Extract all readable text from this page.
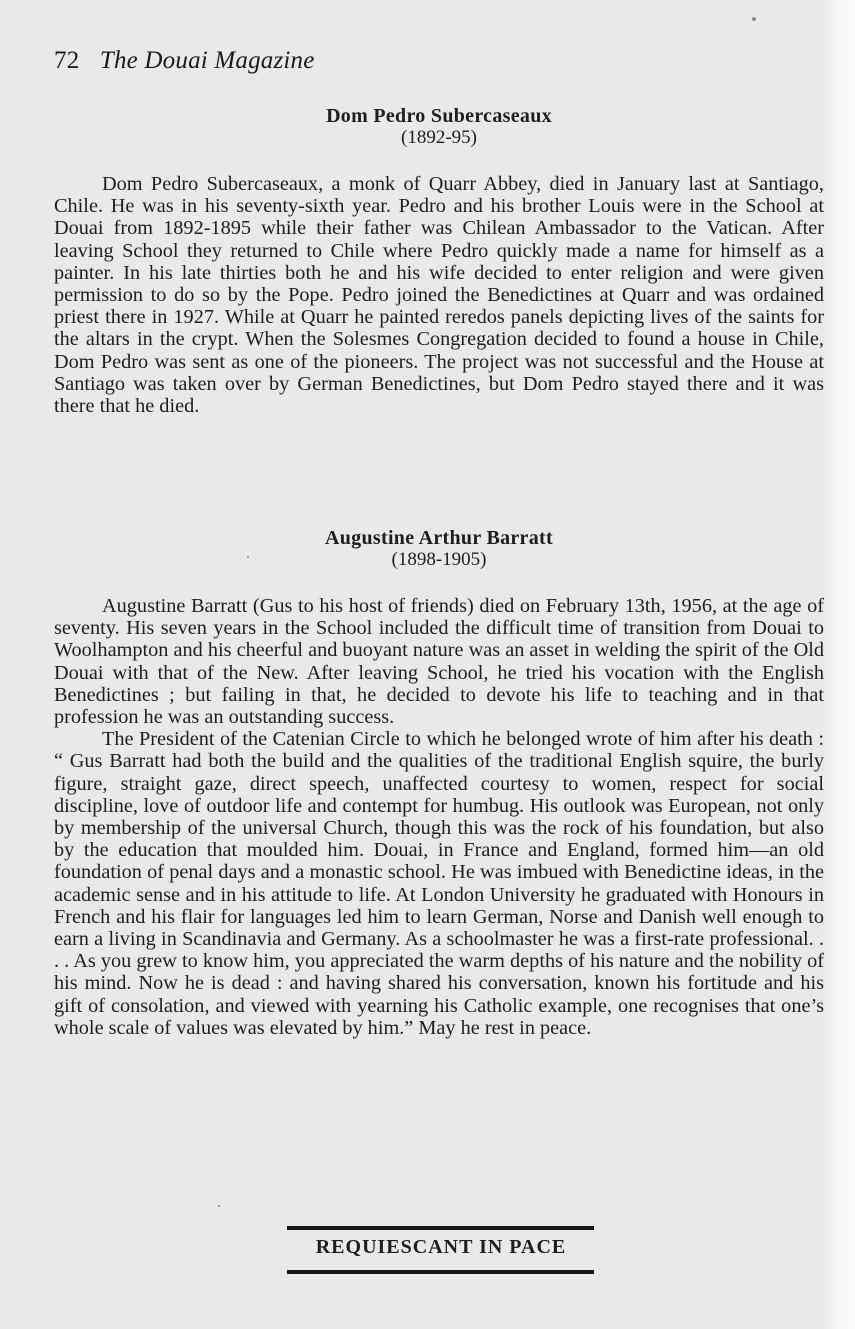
72 The Douai Magazine
Dom Pedro Subercaseaux
(1892-95)

Dom Pedro Subercaseaux, a monk of Quarr Abbey, died in January last at Santiago, Chile. He was in his seventy-sixth year. Pedro and his brother Louis were in the School at Douai from 1892-1895 while their father was Chilean Ambassador to the Vatican. After leaving School they returned to Chile where Pedro quickly made a name for himself as a painter. In his late thirties both he and his wife decided to enter religion and were given permission to do so by the Pope. Pedro joined the Benedictines at Quarr and was ordained priest there in 1927. While at Quarr he painted reredos panels depicting lives of the saints for the altars in the crypt. When the Solesmes Congregation decided to found a house in Chile, Dom Pedro was sent as one of the pioneers. The project was not successful and the House at Santiago was taken over by German Benedictines, but Dom Pedro stayed there and it was there that he died.

Augustine Arthur Barratt
(1898-1905)

Augustine Barratt (Gus to his host of friends) died on February 13th, 1956, at the age of seventy. His seven years in the School included the difficult time of transition from Douai to Woolhampton and his cheerful and buoyant nature was an asset in welding the spirit of the Old Douai with that of the New. After leaving School, he tried his vocation with the English Benedictines ; but failing in that, he decided to devote his life to teaching and in that profession he was an outstanding success.

The President of the Catenian Circle to which he belonged wrote of him after his death : “ Gus Barratt had both the build and the qualities of the traditional English squire, the burly figure, straight gaze, direct speech, unaffected courtesy to women, respect for social discipline, love of outdoor life and contempt for humbug. His outlook was European, not only by membership of the universal Church, though this was the rock of his foundation, but also by the education that moulded him. Douai, in France and England, formed him—an old foundation of penal days and a monastic school. He was imbued with Benedictine ideas, in the academic sense and in his attitude to life. At London University he graduated with Honours in French and his flair for languages led him to learn German, Norse and Danish well enough to earn a living in Scandinavia and Germany. As a schoolmaster he was a first-rate professional. . . . As you grew to know him, you appreciated the warm depths of his nature and the nobility of his mind. Now he is dead : and having shared his conversation, known his fortitude and his gift of consolation, and viewed with yearning his Catholic example, one recognises that one’s whole scale of values was elevated by him.” May he rest in peace.

REQUIESCANT IN PACE
